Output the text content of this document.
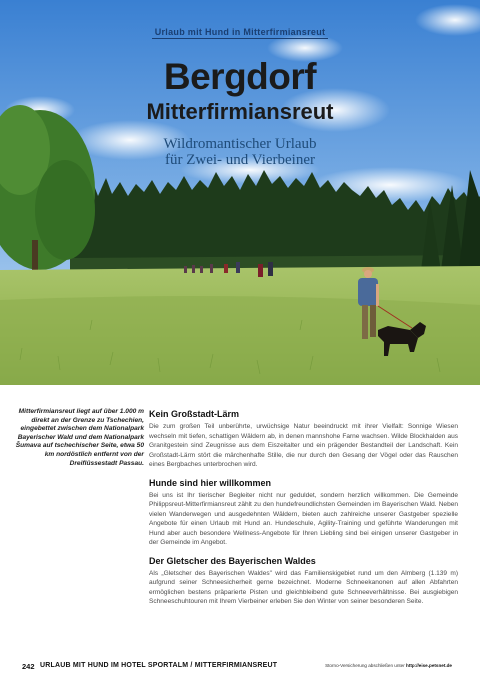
Urlaub mit Hund in Mitterfirmiansreut
Bergdorf
Mitterfirmiansreut
Wildromantischer Urlaub
für Zwei- und Vierbeiner
Mitterfirmiansreut liegt auf über 1.000 m direkt an der Grenze zu Tschechien, eingebettet zwischen dem Nationalpark Bayerischer Wald und dem Nationalpark Šumava auf tschechischer Seite, etwa 50 km nordöstlich entfernt von der Dreiflüssestadt Passau.
Kein Großstadt-Lärm

Die zum großen Teil unberührte, urwüchsige Natur beeindruckt mit ihrer Vielfalt: Sonnige Wiesen wechseln mit tiefen, schattigen Wäldern ab, in denen mannshohe Farne wachsen. Wilde Blockhalden aus Granitgestein sind Zeugnisse aus dem Eiszeitalter und ein prägender Bestandteil der Landschaft. Kein Großstadt-Lärm stört die märchenhafte Stille, die nur durch den Gesang der Vögel oder das Rauschen eines Bergbaches unterbrochen wird.

Hunde sind hier willkommen

Bei uns ist Ihr tierischer Begleiter nicht nur geduldet, sondern herzlich willkommen. Die Gemeinde Philippsreut-Mitterfirmiansreut zählt zu den hundefreundlichsten Gemeinden im Bayerischen Wald. Neben vielen Wanderwegen und ausgedehnten Wäldern, bieten auch zahlreiche unserer Gastgeber spezielle Angebote für einen Urlaub mit Hund an. Hundeschule, Agility-Training und geführte Wanderungen mit Hund aber auch besondere Wellness-Angebote für Ihren Liebling sind bei einigen unserer Gastgeber in der Gemeinde im Angebot.

Der Gletscher des Bayerischen Waldes

Als „Gletscher des Bayerischen Waldes" wird das Familienskigebiet rund um den Almberg (1.139 m) aufgrund seiner Schneesicherheit gerne bezeichnet. Moderne Schneekanonen auf allen Abfahrten ermöglichen bestens präparierte Pisten und gleichbleibend gute Schneeverhältnisse. Bei ausgiebigen Schneeschuhtouren mit Ihrem Vierbeiner erleben Sie den Winter von seiner besonderen Seite.

242 URLAUB MIT HUND IM HOTEL SPORTALM / MITTERFIRMIANSREUT	Storno-Versicherung abschließen unter http://eise.petsnet.de
